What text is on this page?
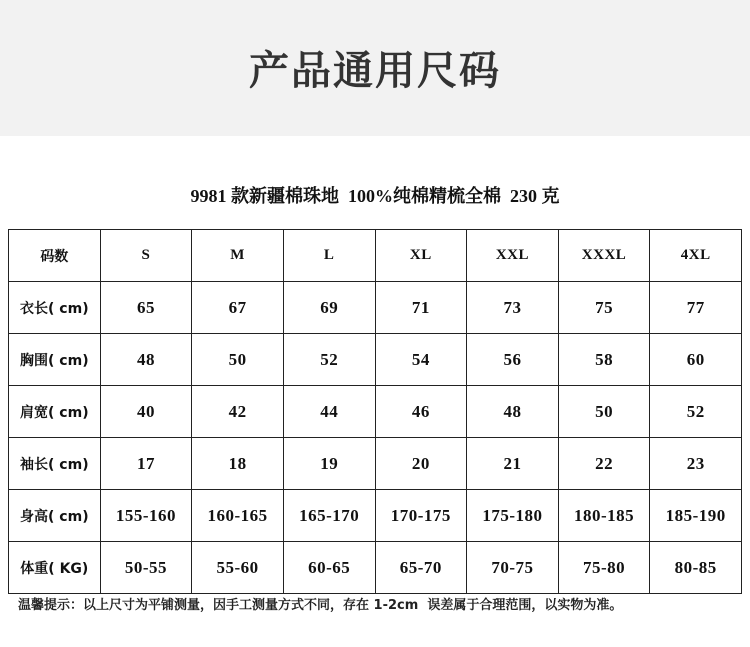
产品通用尺码
9981 款新疆棉珠地  100%纯棉精梳全棉  230 克
码数	S	M	L	XL	XXL	XXXL	4XL
衣长( cm)	65	67	69	71	73	75	77
胸围( cm)	48	50	52	54	56	58	60
肩宽( cm)	40	42	44	46	48	50	52
袖长( cm)	17	18	19	20	21	22	23
身高( cm)	155-160	160-165	165-170	170-175	175-180	180-185	185-190
体重( KG)	50-55	55-60	60-65	65-70	70-75	75-80	80-85
温馨提示：以上尺寸为平铺测量，因手工测量方式不同，存在 1-2cm  误差属于合理范围，以实物为准。
